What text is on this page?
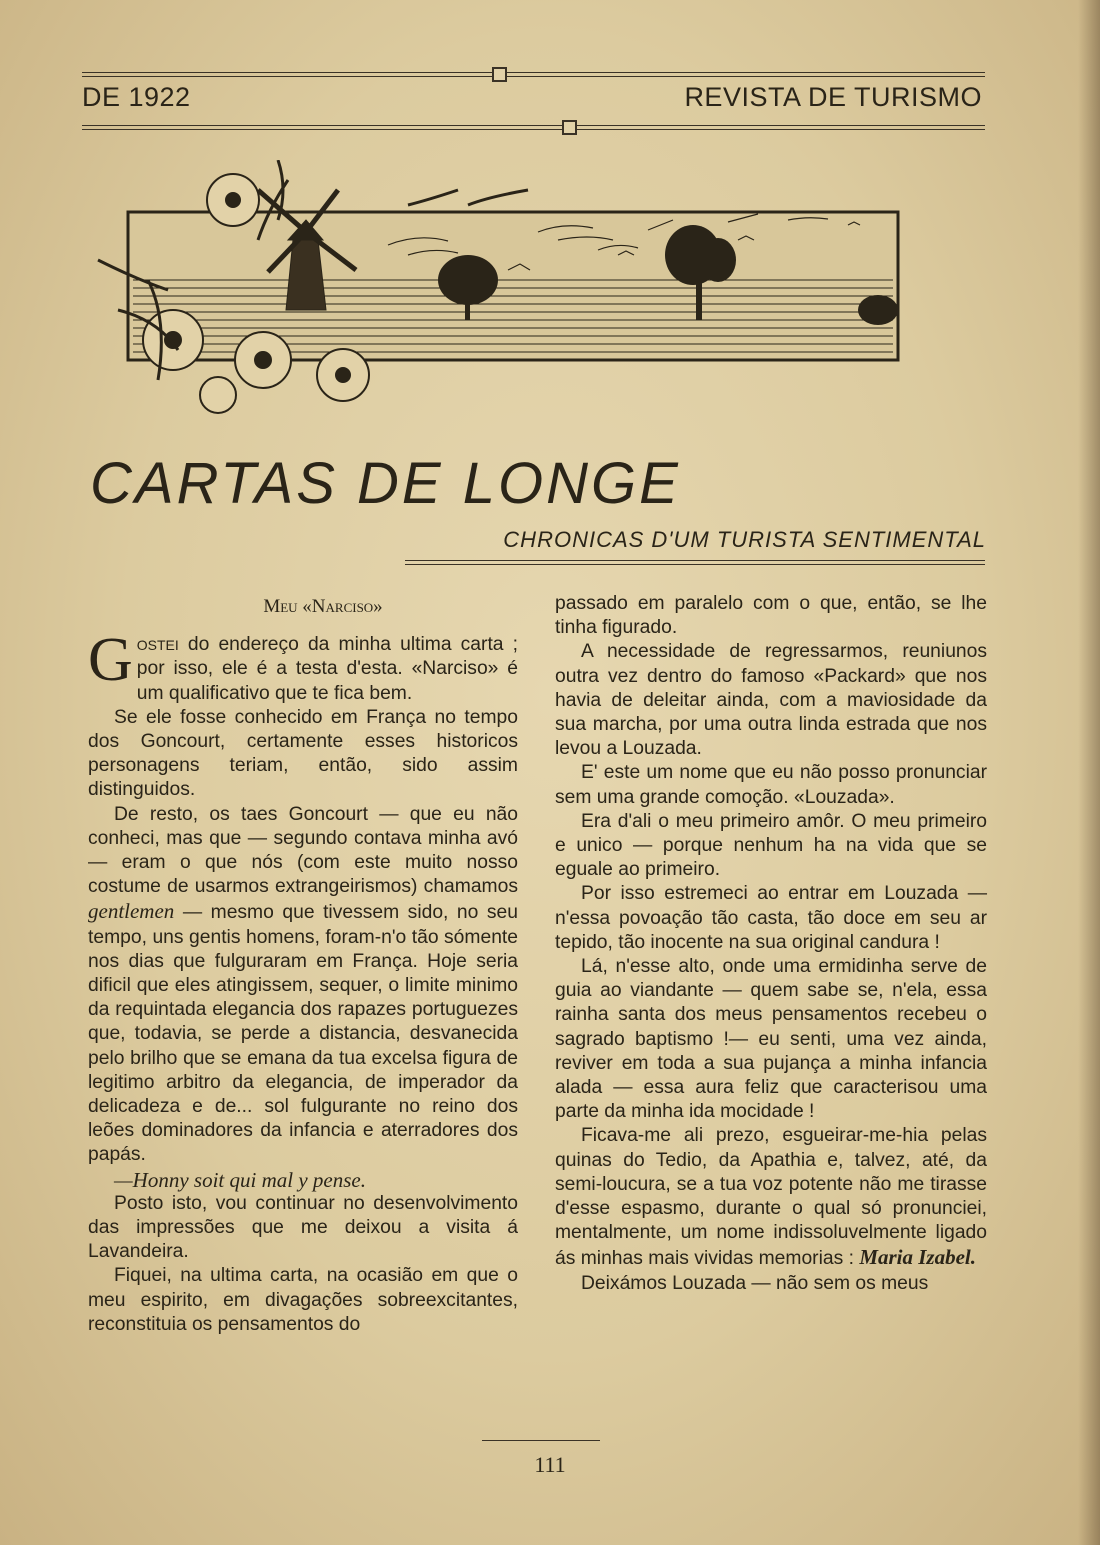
DE 1922	REVISTA DE TURISMO
CARTAS DE LONGE
CHRONICAS D'UM TURISTA SENTIMENTAL
Meu «Narciso»

Gostei do endereço da minha ultima carta ; por isso, ele é a testa d'esta. «Narciso» é um qualificativo que te fica bem.

Se ele fosse conhecido em França no tempo dos Goncourt, certamente esses historicos personagens teriam, então, sido assim distinguidos.

De resto, os taes Goncourt — que eu não conheci, mas que — segundo contava minha avó — eram o que nós (com este muito nosso costume de usarmos extrangeirismos) chamamos gentlemen — mesmo que tivessem sido, no seu tempo, uns gentis homens, foram-n'o tão sómente nos dias que fulguraram em França. Hoje seria dificil que eles atingissem, sequer, o limite minimo da requintada elegancia dos rapazes portuguezes que, todavia, se perde a distancia, desvanecida pelo brilho que se emana da tua excelsa figura de legitimo arbitro da elegancia, de imperador da delicadeza e de... sol fulgurante no reino dos leões dominadores da infancia e aterradores dos papás.

—Honny soit qui mal y pense.

Posto isto, vou continuar no desenvolvimento das impressões que me deixou a visita á Lavandeira.

Fiquei, na ultima carta, na ocasião em que o meu espirito, em divagações sobreexcitantes, reconstituia os pensamentos do

passado em paralelo com o que, então, se lhe tinha figurado.

A necessidade de regressarmos, reuniunos outra vez dentro do famoso «Packard» que nos havia de deleitar ainda, com a maviosidade da sua marcha, por uma outra linda estrada que nos levou a Louzada.

E' este um nome que eu não posso pronunciar sem uma grande comoção. «Louzada».

Era d'ali o meu primeiro amôr. O meu primeiro e unico — porque nenhum ha na vida que se eguale ao primeiro.

Por isso estremeci ao entrar em Louzada — n'essa povoação tão casta, tão doce em seu ar tepido, tão inocente na sua original candura !

Lá, n'esse alto, onde uma ermidinha serve de guia ao viandante — quem sabe se, n'ela, essa rainha santa dos meus pensamentos recebeu o sagrado baptismo !— eu senti, uma vez ainda, reviver em toda a sua pujança a minha infancia alada — essa aura feliz que caracterisou uma parte da minha ida mocidade !

Ficava-me ali prezo, esgueirar-me-hia pelas quinas do Tedio, da Apathia e, talvez, até, da semi-loucura, se a tua voz potente não me tirasse d'esse espasmo, durante o qual só pronunciei, mentalmente, um nome indissoluvelmente ligado ás minhas mais vividas memorias : Maria Izabel.

Deixámos Louzada — não sem os meus

111
